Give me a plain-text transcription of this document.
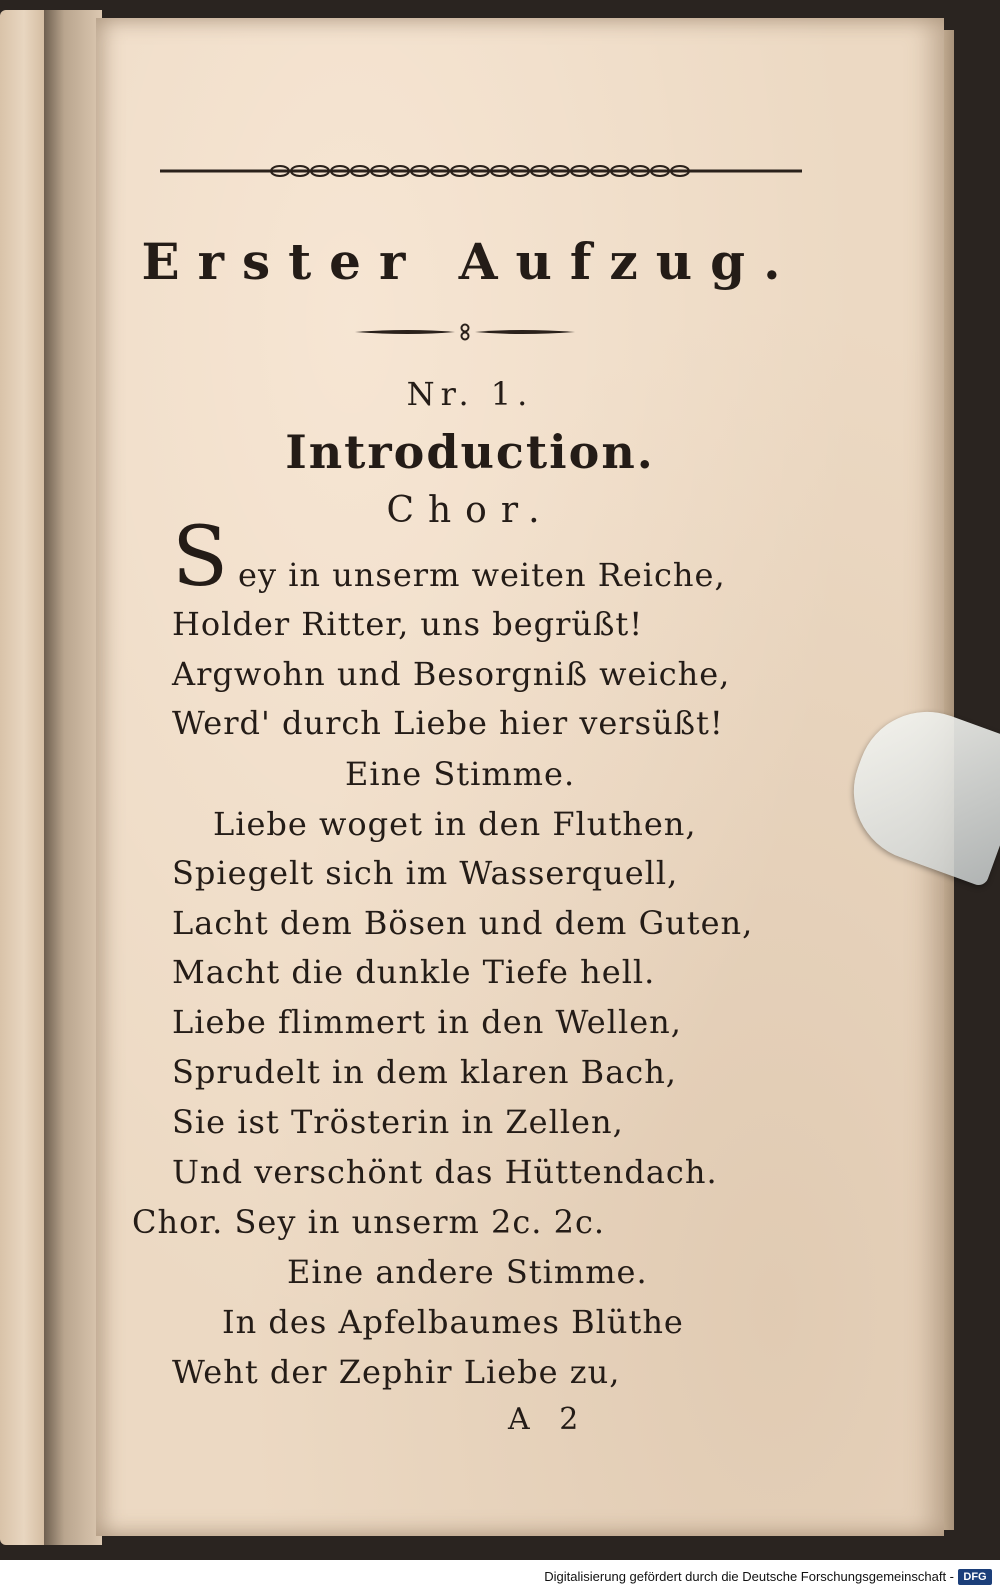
Erster Aufzug.
Nr. 1.
Introduction.
Chor.
S ey in unserm weiten Reiche,
Holder Ritter, uns begrüßt!
Argwohn und Besorgniß weiche,
Werd' durch Liebe hier versüßt!
Eine Stimme.
Liebe woget in den Fluthen,
Spiegelt sich im Wasserquell,
Lacht dem Bösen und dem Guten,
Macht die dunkle Tiefe hell.
Liebe flimmert in den Wellen,
Sprudelt in dem klaren Bach,
Sie ist Trösterin in Zellen,
Und verschönt das Hüttendach.
Chor. Sey in unserm 2c. 2c.
Eine andere Stimme.
In des Apfelbaumes Blüthe
Weht der Zephir Liebe zu,
A 2
Digitalisierung gefördert durch die Deutsche Forschungsgemeinschaft - DFG
